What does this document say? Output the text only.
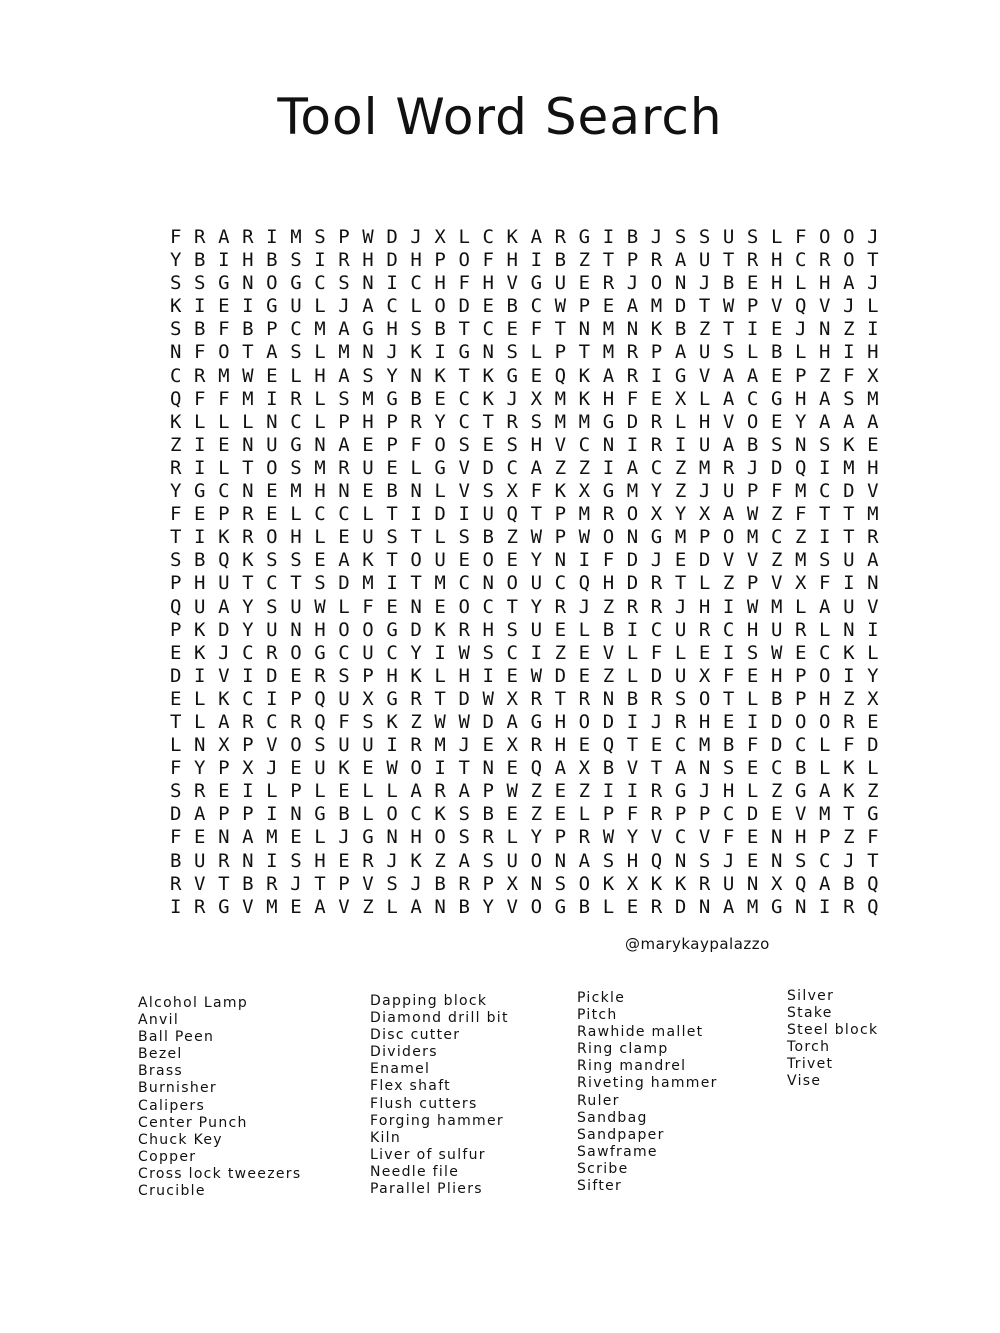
Tool Word Search
FRARIMSPWDJXLCKARGIBJSSUSLFOOJ
YBIHBSIRHDHPOFHIBZTPRAUTRHCROT
SSGNOGCSNICHFHVGUERJONJBEHLHAJ
KIEIGULJACLODEBCWPEAMDTWPVQVJL
SBFBPCMAGHSBTCEFTNMNKBZTIEJNZI
NFOTASLMNJKIGNSLPTMRPAUSLBLHIH
CRMWELHASYNKTKGEQKARIGVAAEPZFX
QFFMIRLSMGBECKJXMKHFEXLACGHASM
KLLLNCLPHPRYCTRSMMGDRLHVOEYAAA
ZIENUGNAEPFOSESHVCNIRIUABSNSKE
RILTOSMRUELGVDCAZZIACZMRJDQIMH
YGCNEMHNEBNLVSXFKXGMYZJUPFMCDV
FEPRELCCLTIDIUQTPMROXYXAWZFTTM
TIKROHLEUSTLSBZWPWONGMPOMCZITR
SBQKSSEAKTOUEOEYNIFDJEDVVZMSUA
PHUTCTSDMITMCNOUCQHDRTLZPVXFIN
QUAYSUWLFENEOCTYRJZRRJHIWMLAUV
PKDYUNHOOGDKRHSUELBICURCHURLNI
EKJCROGCUCYIWSCIZEVLFLEISWECKL
DIVIDERSPHKLHIEWDEZLDUXFEHPOIY
ELKCIPQUXGRTDWXRTRNBRSOTLBPHZX
TLARCRQFSKZWWDAGHODIJRHEIDOORE
LNXPVOSUUIRMJEXRHEQTECMBFDCLFD
FYPXJEUKEWOITNEQAXBVTANSECBLKL
SREILPLELLARAPWZEZIIRGJHLZGAKZ
DAPPINGBLOCKSBEZELPFRPPCDEVMTG
FENAMELJGNHOSRLYPRWYVCVFENHPZF
BURNISHERJKZASUONASHQNSJENSCJT
RVTBRJTPVSJBRPXNSOKXKKRUNXQABQ
IRGVMEAVZLANBYVOGBLERDNAMGNIRQ
@marykaypalazzo
Alcohol Lamp
Anvil
Ball Peen
Bezel
Brass
Burnisher
Calipers
Center Punch
Chuck Key
Copper
Cross lock tweezers
Crucible
Dapping block
Diamond drill bit
Disc cutter
Dividers
Enamel
Flex shaft
Flush cutters
Forging hammer
Kiln
Liver of sulfur
Needle file
Parallel Pliers
Pickle
Pitch
Rawhide mallet
Ring clamp
Ring mandrel
Riveting hammer
Ruler
Sandbag
Sandpaper
Sawframe
Scribe
Sifter
Silver
Stake
Steel block
Torch
Trivet
Vise
